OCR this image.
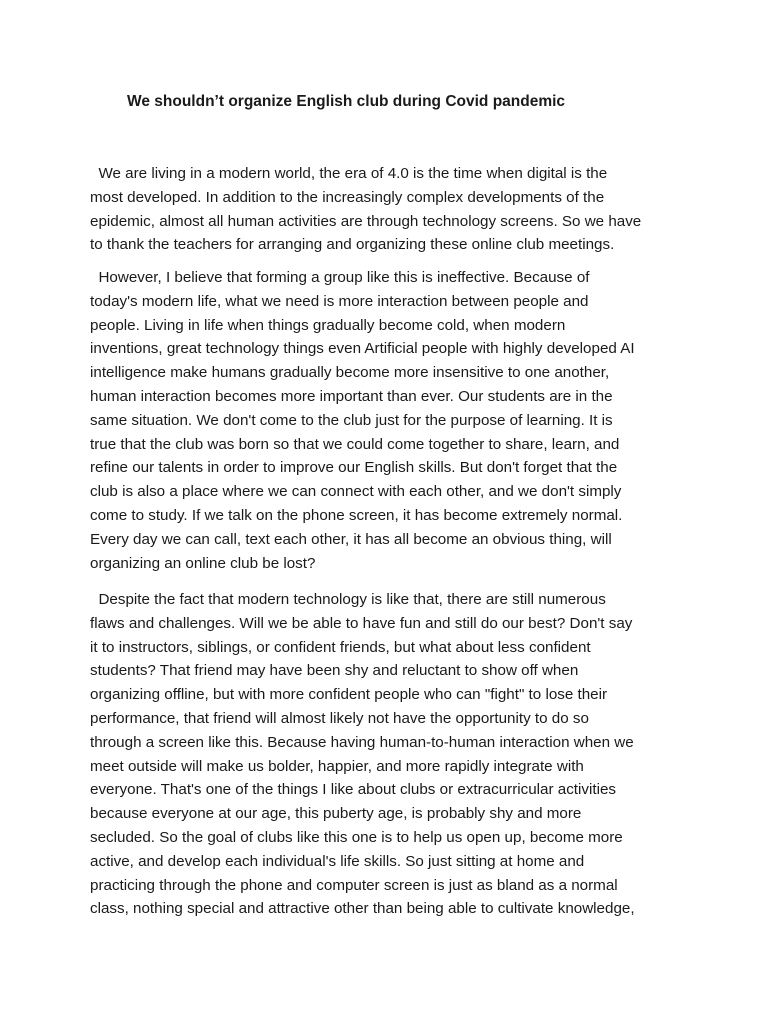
We shouldn’t organize English club during Covid pandemic
We are living in a modern world, the era of 4.0 is the time when digital is the
most developed. In addition to the increasingly complex developments of the
epidemic, almost all human activities are through technology screens. So we have
to thank the teachers for arranging and organizing these online club meetings.
However, I believe that forming a group like this is ineffective. Because of
today's modern life, what we need is more interaction between people and
people. Living in life when things gradually become cold, when modern
inventions, great technology things even Artificial people with highly developed AI
intelligence make humans gradually become more insensitive to one another,
human interaction becomes more important than ever. Our students are in the
same situation. We don't come to the club just for the purpose of learning. It is
true that the club was born so that we could come together to share, learn, and
refine our talents in order to improve our English skills. But don't forget that the
club is also a place where we can connect with each other, and we don't simply
come to study. If we talk on the phone screen, it has become extremely normal.
Every day we can call, text each other, it has all become an obvious thing, will
organizing an online club be lost?
Despite the fact that modern technology is like that, there are still numerous
flaws and challenges. Will we be able to have fun and still do our best? Don't say
it to instructors, siblings, or confident friends, but what about less confident
students? That friend may have been shy and reluctant to show off when
organizing offline, but with more confident people who can "fight" to lose their
performance, that friend will almost likely not have the opportunity to do so
through a screen like this. Because having human-to-human interaction when we
meet outside will make us bolder, happier, and more rapidly integrate with
everyone. That's one of the things I like about clubs or extracurricular activities
because everyone at our age, this puberty age, is probably shy and more
secluded. So the goal of clubs like this one is to help us open up, become more
active, and develop each individual's life skills. So just sitting at home and
practicing through the phone and computer screen is just as bland as a normal
class, nothing special and attractive other than being able to cultivate knowledge,
